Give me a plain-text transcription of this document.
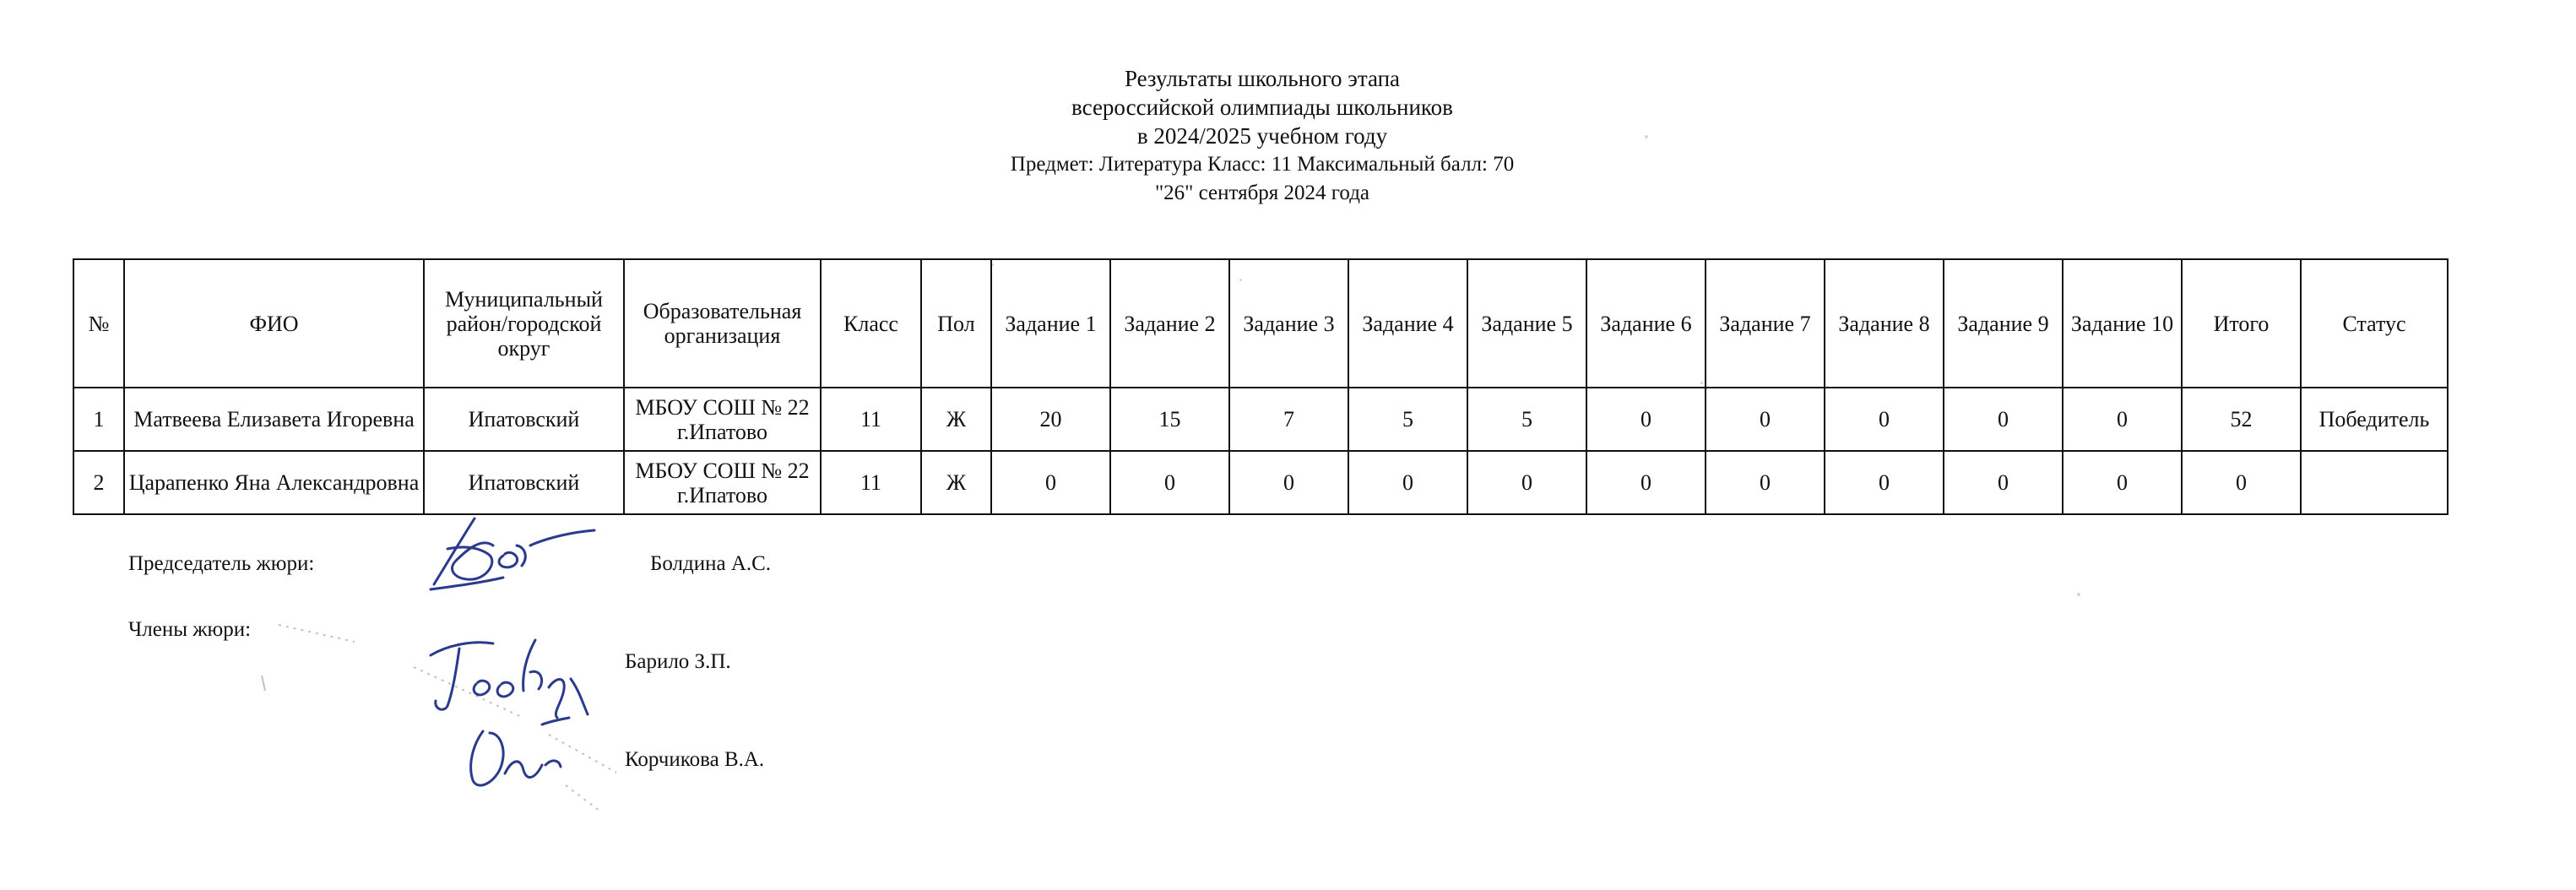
Результаты школьного этапа
всероссийской олимпиады школьников
в 2024/2025 учебном году
Предмет: Литература Класс: 11 Максимальный балл: 70
"26" сентября 2024 года
№	ФИО	Муниципальный район/городской округ	Образовательная организация	Класс	Пол	Задание 1	Задание 2	Задание 3	Задание 4	Задание 5	Задание 6	Задание 7	Задание 8	Задание 9	Задание 10	Итого	Статус
1	Матвеева Елизавета Игоревна	Ипатовский	МБОУ СОШ № 22 г.Ипатово	11	Ж	20	15	7	5	5	0	0	0	0	0	52	Победитель
2	Царапенко Яна Александровна	Ипатовский	МБОУ СОШ № 22 г.Ипатово	11	Ж	0	0	0	0	0	0	0	0	0	0	0	
Председатель жюри:	Болдина А.С.
Члены жюри:
Барило З.П.
Корчикова В.А.
